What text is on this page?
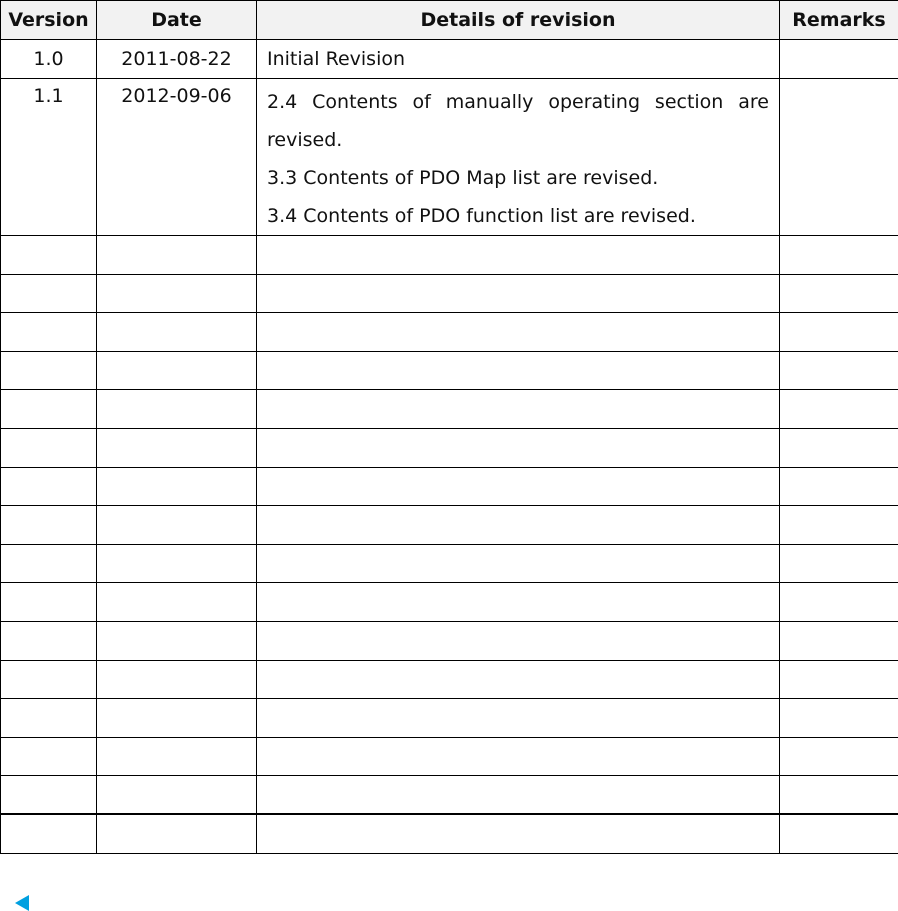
Version	Date	Details of revision	Remarks
1.0	2011-08-22	Initial Revision	

1.1	2012-09-06	2.4 Contents of manually operating section are
revised.
3.3 Contents of PDO Map list are revised.
3.4 Contents of PDO function list are revised.	
